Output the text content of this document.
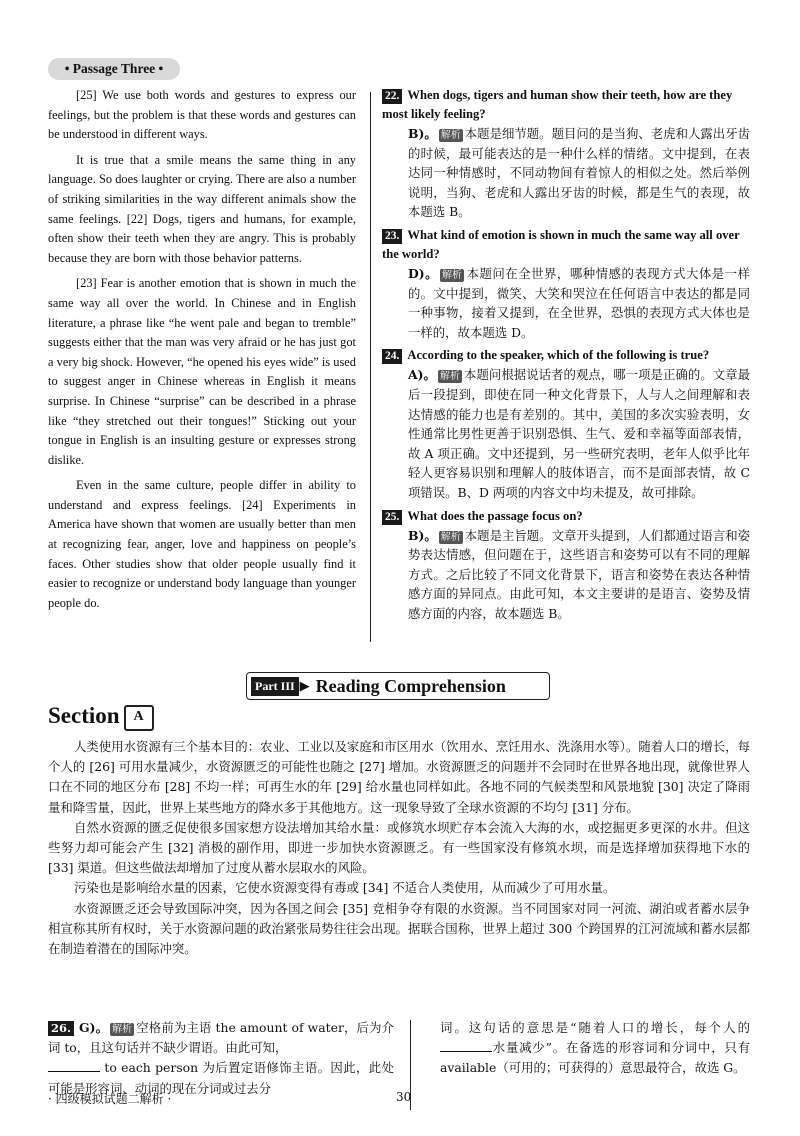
• Passage Three •

[25] We use both words and gestures to express our feelings, but the problem is that these words and gestures can be understood in different ways.

It is true that a smile means the same thing in any language. So does laughter or crying. There are also a number of striking similarities in the way different animals show the same feelings. [22] Dogs, tigers and humans, for example, often show their teeth when they are angry. This is probably because they are born with those behavior patterns.

[23] Fear is another emotion that is shown in much the same way all over the world. In Chinese and in English literature, a phrase like “he went pale and began to tremble” suggests either that the man was very afraid or he has just got a very big shock. However, “he opened his eyes wide” is used to suggest anger in Chinese whereas in English it means surprise. In Chinese “surprise” can be described in a phrase like “they stretched out their tongues!” Sticking out your tongue in English is an insulting gesture or expresses strong dislike.

Even in the same culture, people differ in ability to understand and express feelings. [24] Experiments in America have shown that women are usually better than men at recognizing fear, anger, love and happiness on people’s faces. Other studies show that older people usually find it easier to recognize or understand body language than younger people do.

22. When dogs, tigers and human show their teeth, how are they most likely feeling?
B)。 解析 本题是细节题。题目问的是当狗、老虎和人露出牙齿的时候，最可能表达的是一种什么样的情绪。文中提到，在表达同一种情感时，不同动物间有着惊人的相似之处。然后举例说明，当狗、老虎和人露出牙齿的时候，都是生气的表现，故本题选 B。
23. What kind of emotion is shown in much the same way all over the world?
D)。 解析 本题问在全世界，哪种情感的表现方式大体是一样的。文中提到，微笑、大笑和哭泣在任何语言中表达的都是同一种事物，接着又提到，在全世界，恐惧的表现方式大体也是一样的，故本题选 D。
24. According to the speaker, which of the following is true?
A)。 解析 本题问根据说话者的观点，哪一项是正确的。文章最后一段提到，即使在同一种文化背景下，人与人之间理解和表达情感的能力也是有差别的。其中，美国的多次实验表明，女性通常比男性更善于识别恐惧、生气、爱和幸福等面部表情，故 A 项正确。文中还提到，另一些研究表明，老年人似乎比年轻人更容易识别和理解人的肢体语言，而不是面部表情，故 C 项错误。B、D 两项的内容文中均未提及，故可排除。
25. What does the passage focus on?
B)。 解析 本题是主旨题。文章开头提到，人们都通过语言和姿势表达情感，但问题在于，这些语言和姿势可以有不同的理解方式。之后比较了不同文化背景下，语言和姿势在表达各种情感方面的异同点。由此可知，本文主要讲的是语言、姿势及情感方面的内容，故本题选 B。
Part III ▶ Reading Comprehension
Section A

人类使用水资源有三个基本目的：农业、工业以及家庭和市区用水（饮用水、烹饪用水、洗涤用水等）。随着人口的增长，每个人的 [26] 可用水量减少，水资源匮乏的可能性也随之 [27] 增加。水资源匮乏的问题并不会同时在世界各地出现，就像世界人口在不同的地区分布 [28] 不均一样；可再生水的年 [29] 给水量也同样如此。各地不同的气候类型和风景地貌 [30] 决定了降雨量和降雪量，因此，世界上某些地方的降水多于其他地方。这一现象导致了全球水资源的不均匀 [31] 分布。

自然水资源的匮乏促使很多国家想方设法增加其给水量：或修筑水坝贮存本会流入大海的水，或挖掘更多更深的水井。但这些努力却可能会产生 [32] 消极的副作用，即进一步加快水资源匮乏。有一些国家没有修筑水坝，而是选择增加获得地下水的 [33] 渠道。但这些做法却增加了过度从蓄水层取水的风险。

污染也是影响给水量的因素，它使水资源变得有毒或 [34] 不适合人类使用，从而减少了可用水量。

水资源匮乏还会导致国际冲突，因为各国之间会 [35] 竞相争夺有限的水资源。当不同国家对同一河流、湖泊或者蓄水层争相宣称其所有权时，关于水资源问题的政治紧张局势往往会出现。据联合国称，世界上超过 300 个跨国界的江河流域和蓄水层都在制造着潜在的国际冲突。

26. G)。 解析 空格前为主语 the amount of water，后为介词 to，且这句话并不缺少谓语。由此可知，
to each person 为后置定语修饰主语。因此，此处可能是形容词、动词的现在分词或过去分
词。这句话的意思是“随着人口的增长，每个人的水量减少”。在备选的形容词和分词中，只有 available（可用的；可获得的）意思最符合，故选 G。
· 四级模拟试题二解析 ·	30
